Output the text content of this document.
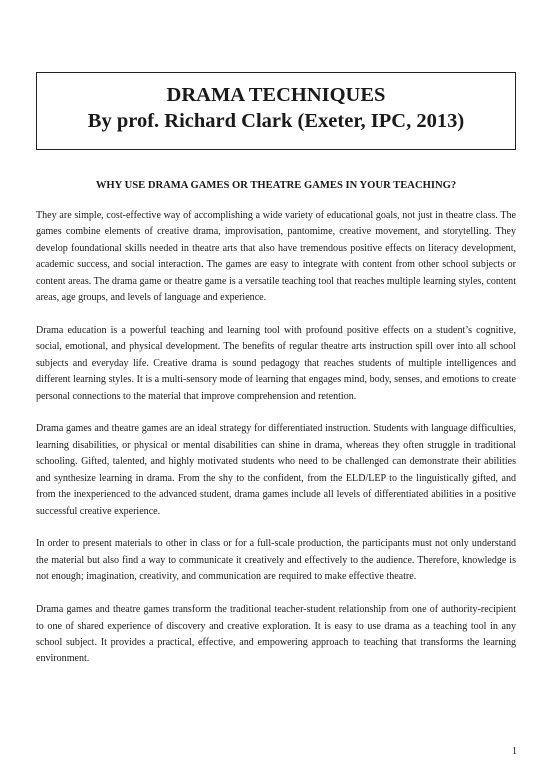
DRAMA TECHNIQUES

By prof. Richard Clark (Exeter, IPC, 2013)

WHY USE DRAMA GAMES OR THEATRE GAMES IN YOUR TEACHING?

They are simple, cost-effective way of accomplishing a wide variety of educational goals, not just in theatre class. The games combine elements of creative drama, improvisation, pantomime, creative movement, and storytelling. They develop foundational skills needed in theatre arts that also have tremendous positive effects on literacy development, academic success, and social interaction. The games are easy to integrate with content from other school subjects or content areas. The drama game or theatre game is a versatile teaching tool that reaches multiple learning styles, content areas, age groups, and levels of language and experience.

Drama education is a powerful teaching and learning tool with profound positive effects on a student’s cognitive, social, emotional, and physical development. The benefits of regular theatre arts instruction spill over into all school subjects and everyday life. Creative drama is sound pedagogy that reaches students of multiple intelligences and different learning styles. It is a multi-sensory mode of learning that engages mind, body, senses, and emotions to create personal connections to the material that improve comprehension and retention.

Drama games and theatre games are an ideal strategy for differentiated instruction. Students with language difficulties, learning disabilities, or physical or mental disabilities can shine in drama, whereas they often struggle in traditional schooling. Gifted, talented, and highly motivated students who need to be challenged can demonstrate their abilities and synthesize learning in drama. From the shy to the confident, from the ELD/LEP to the linguistically gifted, and from the inexperienced to the advanced student, drama games include all levels of differentiated abilities in a positive successful creative experience.

In order to present materials to other in class or for a full-scale production, the participants must not only understand the material but also find a way to communicate it creatively and effectively to the audience. Therefore, knowledge is not enough; imagination, creativity, and communication are required to make effective theatre.

Drama games and theatre games transform the traditional teacher-student relationship from one of authority-recipient to one of shared experience of discovery and creative exploration. It is easy to use drama as a teaching tool in any school subject. It provides a practical, effective, and empowering approach to teaching that transforms the learning environment.

1
